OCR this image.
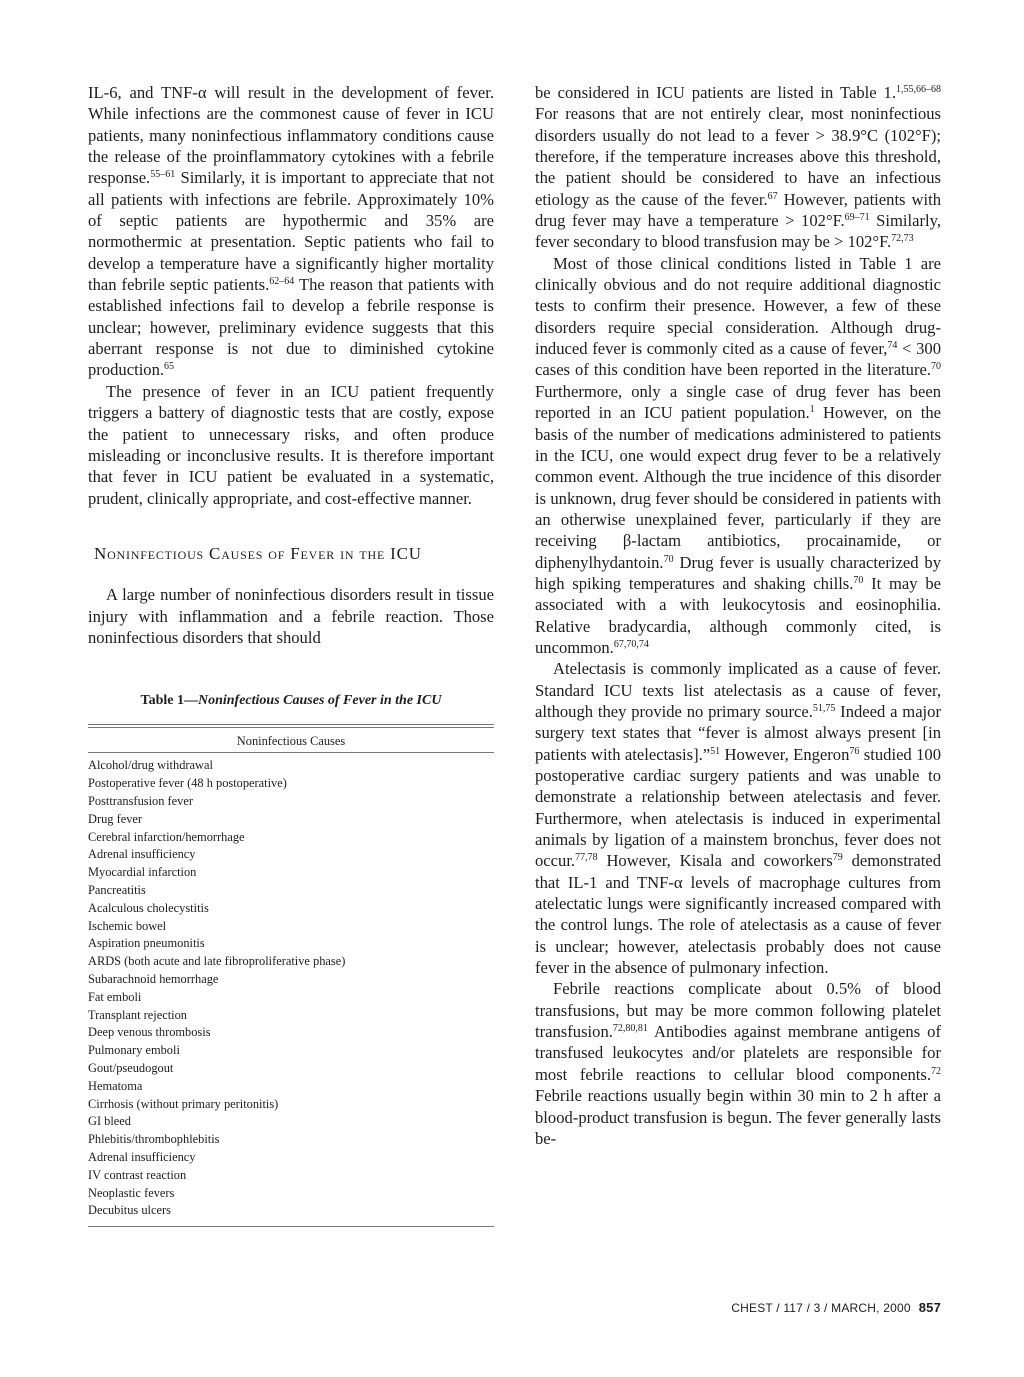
IL-6, and TNF-α will result in the development of fever. While infections are the commonest cause of fever in ICU patients, many noninfectious inflammatory conditions cause the release of the proinflammatory cytokines with a febrile response.$^{55-61}$ Similarly, it is important to appreciate that not all patients with infections are febrile. Approximately 10% of septic patients are hypothermic and 35% are normothermic at presentation. Septic patients who fail to develop a temperature have a significantly higher mortality than febrile septic patients.$^{62-64}$ The reason that patients with established infections fail to develop a febrile response is unclear; however, preliminary evidence suggests that this aberrant response is not due to diminished cytokine production.$^{65}$

The presence of fever in an ICU patient frequently triggers a battery of diagnostic tests that are costly, expose the patient to unnecessary risks, and often produce misleading or inconclusive results. It is therefore important that fever in ICU patient be evaluated in a systematic, prudent, clinically appropriate, and cost-effective manner.

Noninfectious Causes of Fever in the ICU

A large number of noninfectious disorders result in tissue injury with inflammation and a febrile reaction. Those noninfectious disorders that should

Table 1—Noninfectious Causes of Fever in the ICU
Noninfectious Causes
Alcohol/drug withdrawal
Postoperative fever (48 h postoperative)
Posttransfusion fever
Drug fever
Cerebral infarction/hemorrhage
Adrenal insufficiency
Myocardial infarction
Pancreatitis
Acalculous cholecystitis
Ischemic bowel
Aspiration pneumonitis
ARDS (both acute and late fibroproliferative phase)
Subarachnoid hemorrhage
Fat emboli
Transplant rejection
Deep venous thrombosis
Pulmonary emboli
Gout/pseudogout
Hematoma
Cirrhosis (without primary peritonitis)
GI bleed
Phlebitis/thrombophlebitis
Adrenal insufficiency
IV contrast reaction
Neoplastic fevers
Decubitus ulcers

be considered in ICU patients are listed in Table 1.$^{1,55,66-68}$ For reasons that are not entirely clear, most noninfectious disorders usually do not lead to a fever > 38.9°C (102°F); therefore, if the temperature increases above this threshold, the patient should be considered to have an infectious etiology as the cause of the fever.$^{67}$ However, patients with drug fever may have a temperature > 102°F.$^{69-71}$ Similarly, fever secondary to blood transfusion may be > 102°F.$^{72,73}$

Most of those clinical conditions listed in Table 1 are clinically obvious and do not require additional diagnostic tests to confirm their presence. However, a few of these disorders require special consideration. Although drug-induced fever is commonly cited as a cause of fever,$^{74}$ < 300 cases of this condition have been reported in the literature.$^{70}$ Furthermore, only a single case of drug fever has been reported in an ICU patient population.$^1$ However, on the basis of the number of medications administered to patients in the ICU, one would expect drug fever to be a relatively common event. Although the true incidence of this disorder is unknown, drug fever should be considered in patients with an otherwise unexplained fever, particularly if they are receiving β-lactam antibiotics, procainamide, or diphenylhydantoin.$^{70}$ Drug fever is usually characterized by high spiking temperatures and shaking chills.$^{70}$ It may be associated with a with leukocytosis and eosinophilia. Relative bradycardia, although commonly cited, is uncommon.$^{67,70,74}$

Atelectasis is commonly implicated as a cause of fever. Standard ICU texts list atelectasis as a cause of fever, although they provide no primary source.$^{51,75}$ Indeed a major surgery text states that “fever is almost always present [in patients with atelectasis].”$^{51}$ However, Engeron$^{76}$ studied 100 postoperative cardiac surgery patients and was unable to demonstrate a relationship between atelectasis and fever. Furthermore, when atelectasis is induced in experimental animals by ligation of a mainstem bronchus, fever does not occur.$^{77,78}$ However, Kisala and coworkers$^{79}$ demonstrated that IL-1 and TNF-α levels of macrophage cultures from atelectatic lungs were significantly increased compared with the control lungs. The role of atelectasis as a cause of fever is unclear; however, atelectasis probably does not cause fever in the absence of pulmonary infection.

Febrile reactions complicate about 0.5% of blood transfusions, but may be more common following platelet transfusion.$^{72,80,81}$ Antibodies against membrane antigens of transfused leukocytes and/or platelets are responsible for most febrile reactions to cellular blood components.$^{72}$ Febrile reactions usually begin within 30 min to 2 h after a blood-product transfusion is begun. The fever generally lasts be-

CHEST / 117 / 3 / MARCH, 2000 857
